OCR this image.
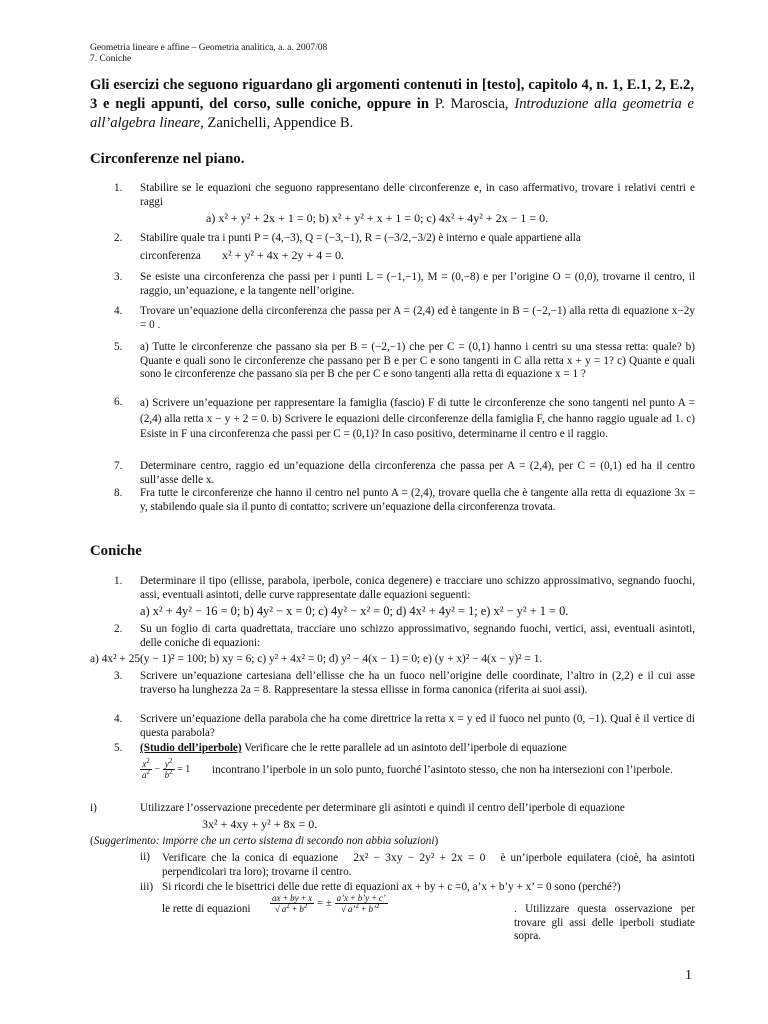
Geometria lineare e affine – Geometria analitica, a. a. 2007/08
7. Coniche
Gli esercizi che seguono riguardano gli argomenti contenuti in [testo], capitolo 4, n. 1, E.1, 2, E.2, 3 e negli appunti, del corso, sulle coniche, oppure in P. Maroscia, Introduzione alla geometria e all’algebra lineare, Zanichelli, Appendice B.
Circonferenze nel piano.
1.	Stabilire se le equazioni che seguono rappresentano delle circonferenze e, in caso affermativo, trovare i relativi centri e raggi
a) x² + y² + 2x + 1 = 0; b) x² + y² + x + 1 = 0; c) 4x² + 4y² + 2x − 1 = 0.
2.	Stabilire quale tra i punti P = (4,−3), Q = (−3,−1), R = (−3/2,−3/2) è interno e quale appartiene alla
circonferenza x² + y² + 4x + 2y + 4 = 0.
3.	Se esiste una circonferenza che passi per i punti L = (−1,−1), M = (0,−8) e per l’origine O = (0,0), trovarne il centro, il raggio, un’equazione, e la tangente nell’origine.
4.	Trovare un’equazione della circonferenza che passa per A = (2,4) ed è tangente in B = (−2,−1) alla retta di equazione x−2y = 0 .
5.	a) Tutte le circonferenze che passano sia per B = (−2,−1) che per C = (0,1) hanno i centri su una stessa retta: quale? b) Quante e quali sono le circonferenze che passano per B e per C e sono tangenti in C alla retta x + y = 1? c) Quante e quali sono le circonferenze che passano sia per B che per C e sono tangenti alla retta di equazione x = 1 ?
6.	a) Scrivere un’equazione per rappresentare la famiglia (fascio) F di tutte le circonferenze che sono tangenti nel punto A = (2,4) alla retta x − y + 2 = 0. b) Scrivere le equazioni delle circonferenze della famiglia F, che hanno raggio uguale ad 1. c) Esiste in F una circonferenza che passi per C = (0,1)? In caso positivo, determinarne il centro e il raggio.
7.	Determinare centro, raggio ed un’equazione della circonferenza che passa per A = (2,4), per C = (0,1) ed ha il centro sull’asse delle x.
8.	Fra tutte le circonferenze che hanno il centro nel punto A = (2,4), trovare quella che è tangente alla retta di equazione 3x = y, stabilendo quale sia il punto di contatto; scrivere un’equazione della circonferenza trovata.
Coniche
1.	Determinare il tipo (ellisse, parabola, iperbole, conica degenere) e tracciare uno schizzo approssimativo, segnando fuochi, assi, eventuali asintoti, delle curve rappresentate dalle equazioni seguenti:
a) x² + 4y² − 16 = 0; b) 4y² − x = 0; c) 4y² − x² = 0; d) 4x² + 4y² = 1; e) x² − y² + 1 = 0.
2.	Su un foglio di carta quadrettata, tracciare uno schizzo approssimativo, segnando fuochi, vertici, assi, eventuali asintoti, delle coniche di equazioni:
a) 4x² + 25(y − 1)² = 100; b) xy = 6; c) y² + 4x² = 0; d) y² − 4(x − 1) = 0; e) (y + x)² − 4(x − y)² = 1.
3.	Scrivere un’equazione cartesiana dell’ellisse che ha un fuoco nell’origine delle coordinate, l’altro in (2,2) e il cui asse traverso ha lunghezza 2a = 8. Rappresentare la stessa ellisse in forma canonica (riferita ai suoi assi).
4.	Scrivere un’equazione della parabola che ha come direttrice la retta x = y ed il fuoco nel punto (0, −1). Qual è il vertice di questa parabola?
5.	(Studio dell’iperbole) Verificare che le rette parallele ad un asintoto dell’iperbole di equazione
$\frac{x^2}{a^2} - \frac{y^2}{b^2} = 1$ incontrano l’iperbole in un solo punto, fuorché l’asintoto stesso, che non ha intersezioni con l’iperbole.
i)	Utilizzare l’osservazione precedente per determinare gli asintoti e quindi il centro dell’iperbole di equazione
3x² + 4xy + y² + 8x = 0.
(Suggerimento: imporre che un certo sistema di secondo non abbia soluzioni)
ii)	Verificare che la conica di equazione 2x² − 3xy − 2y² + 2x = 0 è un’iperbole equilatera (cioè, ha asintoti perpendicolari tra loro); trovarne il centro.
iii) Si ricordi che le bisettrici delle due rette di equazioni ax + by + c =0, a’x + b’y + x’ = 0 sono (perché?)
le rette di equazioni $\frac{ax + by + x}{√ a^2 + b^2}$ = ± $\frac{a’x + b’y + c’}{√ a’^2 + b’^2}$	. Utilizzare questa osservazione per trovare gli assi delle iperboli studiate sopra.
1
